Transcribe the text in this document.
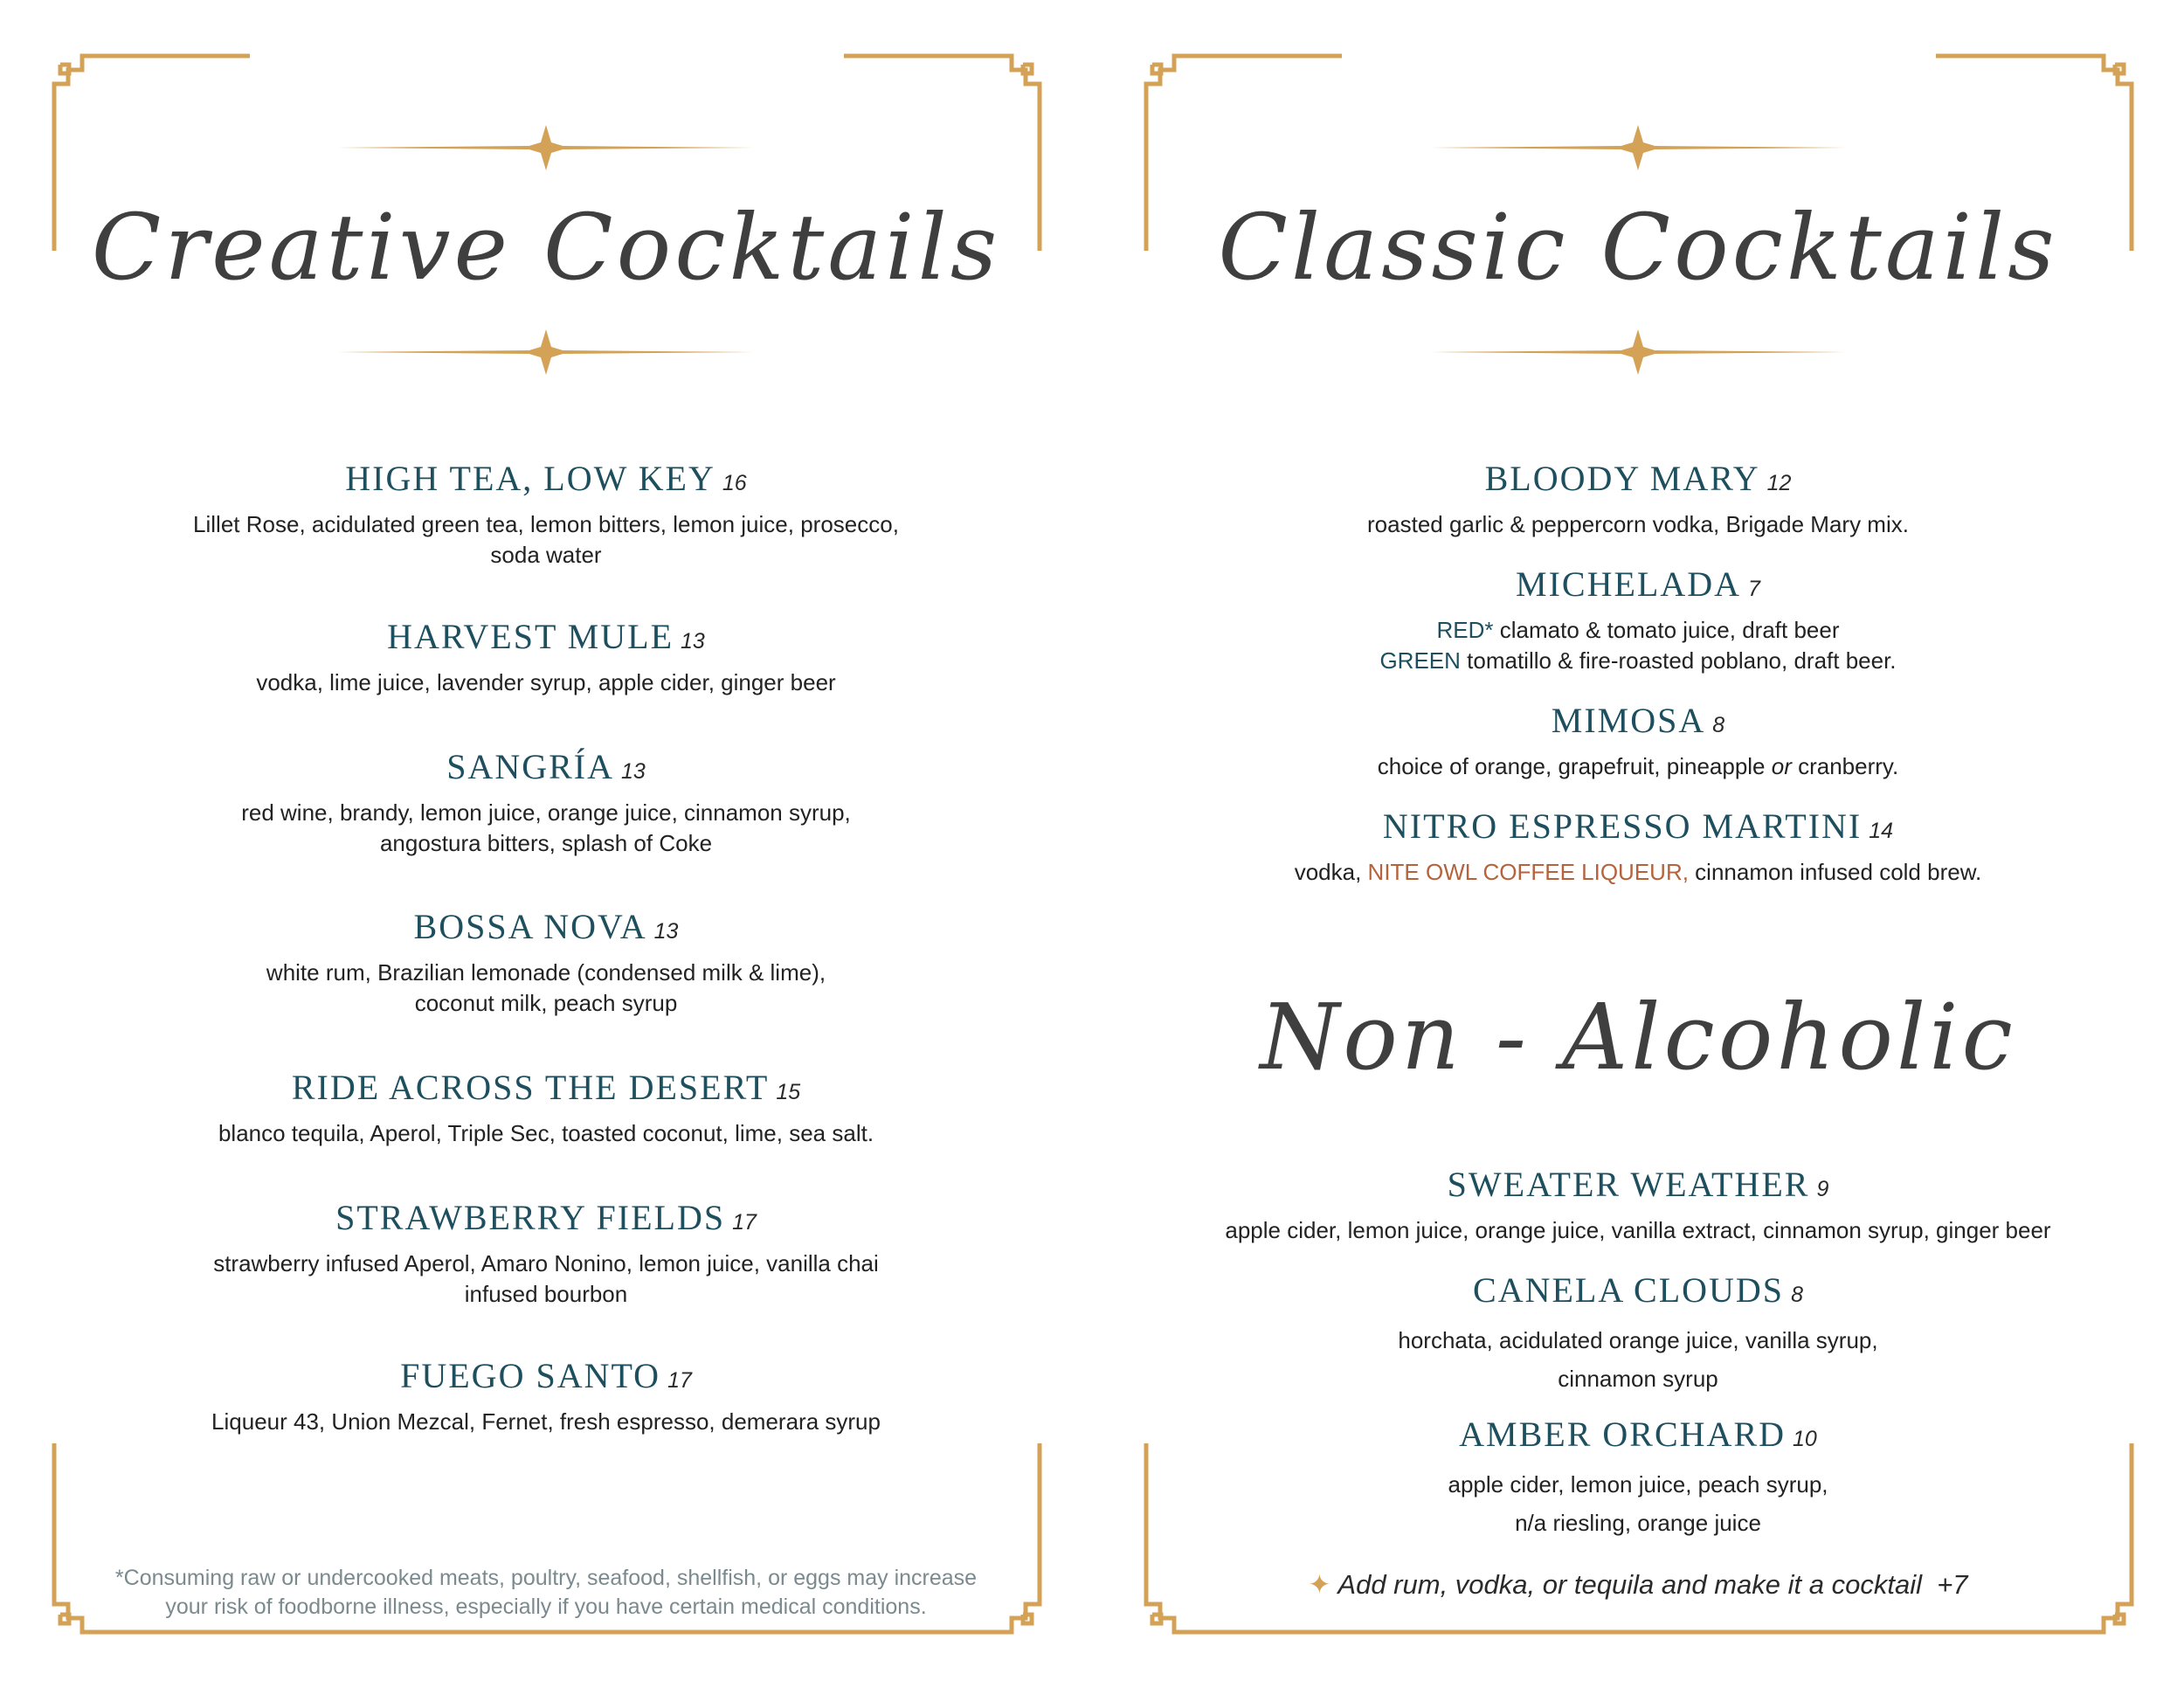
Creative Cocktails
HIGH TEA, LOW KEY 16
Lillet Rose, acidulated green tea, lemon bitters, lemon juice, prosecco,
soda water
HARVEST MULE 13
vodka, lime juice, lavender syrup, apple cider, ginger beer
SANGRÍA 13
red wine, brandy, lemon juice, orange juice, cinnamon syrup,
angostura bitters, splash of Coke
BOSSA NOVA 13
white rum, Brazilian lemonade (condensed milk & lime),
coconut milk, peach syrup
RIDE ACROSS THE DESERT 15
blanco tequila, Aperol, Triple Sec, toasted coconut, lime, sea salt.
STRAWBERRY FIELDS 17
strawberry infused Aperol, Amaro Nonino, lemon juice, vanilla chai
infused bourbon
FUEGO SANTO 17
Liqueur 43, Union Mezcal, Fernet, fresh espresso, demerara syrup
*Consuming raw or undercooked meats, poultry, seafood, shellfish, or eggs may increase
your risk of foodborne illness, especially if you have certain medical conditions.
Classic Cocktails
BLOODY MARY 12
roasted garlic & peppercorn vodka, Brigade Mary mix.
MICHELADA 7
RED* clamato & tomato juice, draft beer
GREEN tomatillo & fire-roasted poblano, draft beer.
MIMOSA 8
choice of orange, grapefruit, pineapple or cranberry.
NITRO ESPRESSO MARTINI 14
vodka, NITE OWL COFFEE LIQUEUR, cinnamon infused cold brew.
Non - Alcoholic
SWEATER WEATHER 9
apple cider, lemon juice, orange juice, vanilla extract, cinnamon syrup, ginger beer
CANELA CLOUDS 8
horchata, acidulated orange juice, vanilla syrup,
cinnamon syrup
AMBER ORCHARD 10
apple cider, lemon juice, peach syrup,
n/a riesling, orange juice
✦ Add rum, vodka, or tequila and make it a cocktail +7
